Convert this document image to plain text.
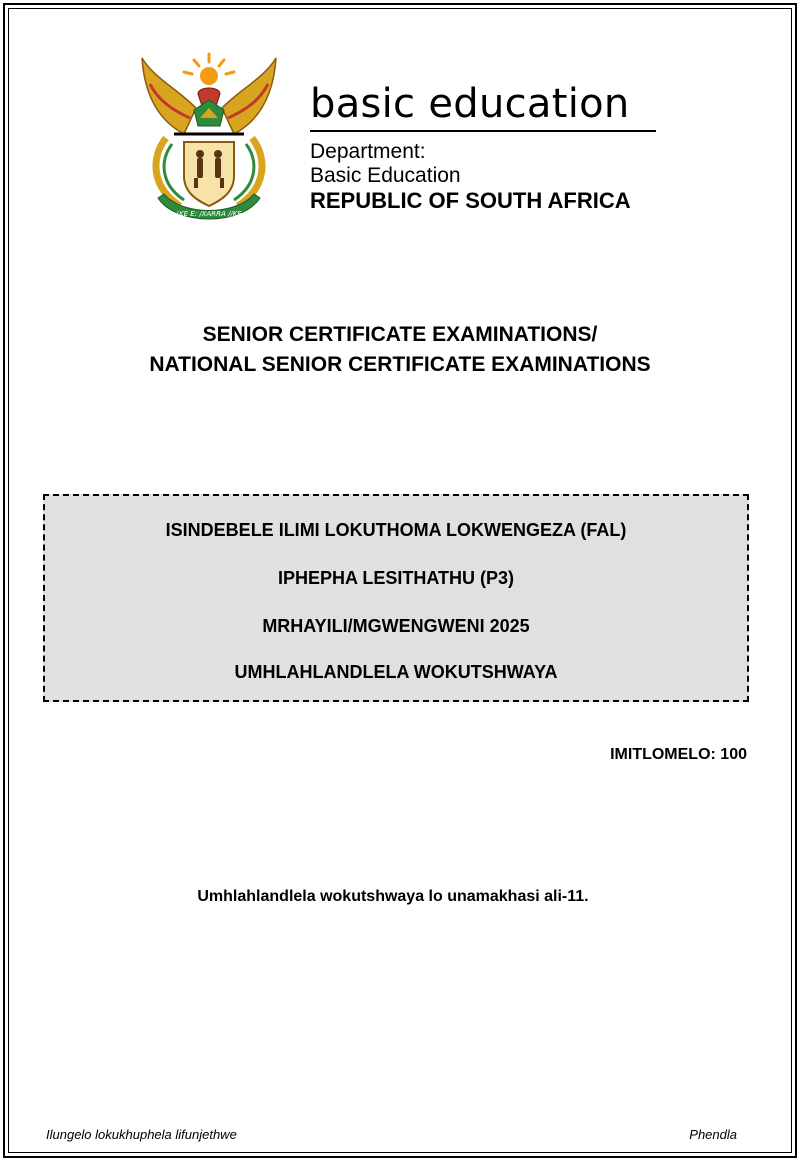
!KE E: /XARRA //KE
basic education
Department:
Basic Education
REPUBLIC OF SOUTH AFRICA
SENIOR CERTIFICATE EXAMINATIONS/
NATIONAL SENIOR CERTIFICATE EXAMINATIONS
ISINDEBELE ILIMI LOKUTHOMA LOKWENGEZA (FAL)
IPHEPHA LESITHATHU (P3)
MRHAYILI/MGWENGWENI 2025
UMHLAHLANDLELA WOKUTSHWAYA
IMITLOMELO: 100
Umhlahlandlela wokutshwaya lo unamakhasi ali-11.
Ilungelo lokukhuphela lifunjethwe	Phendla
